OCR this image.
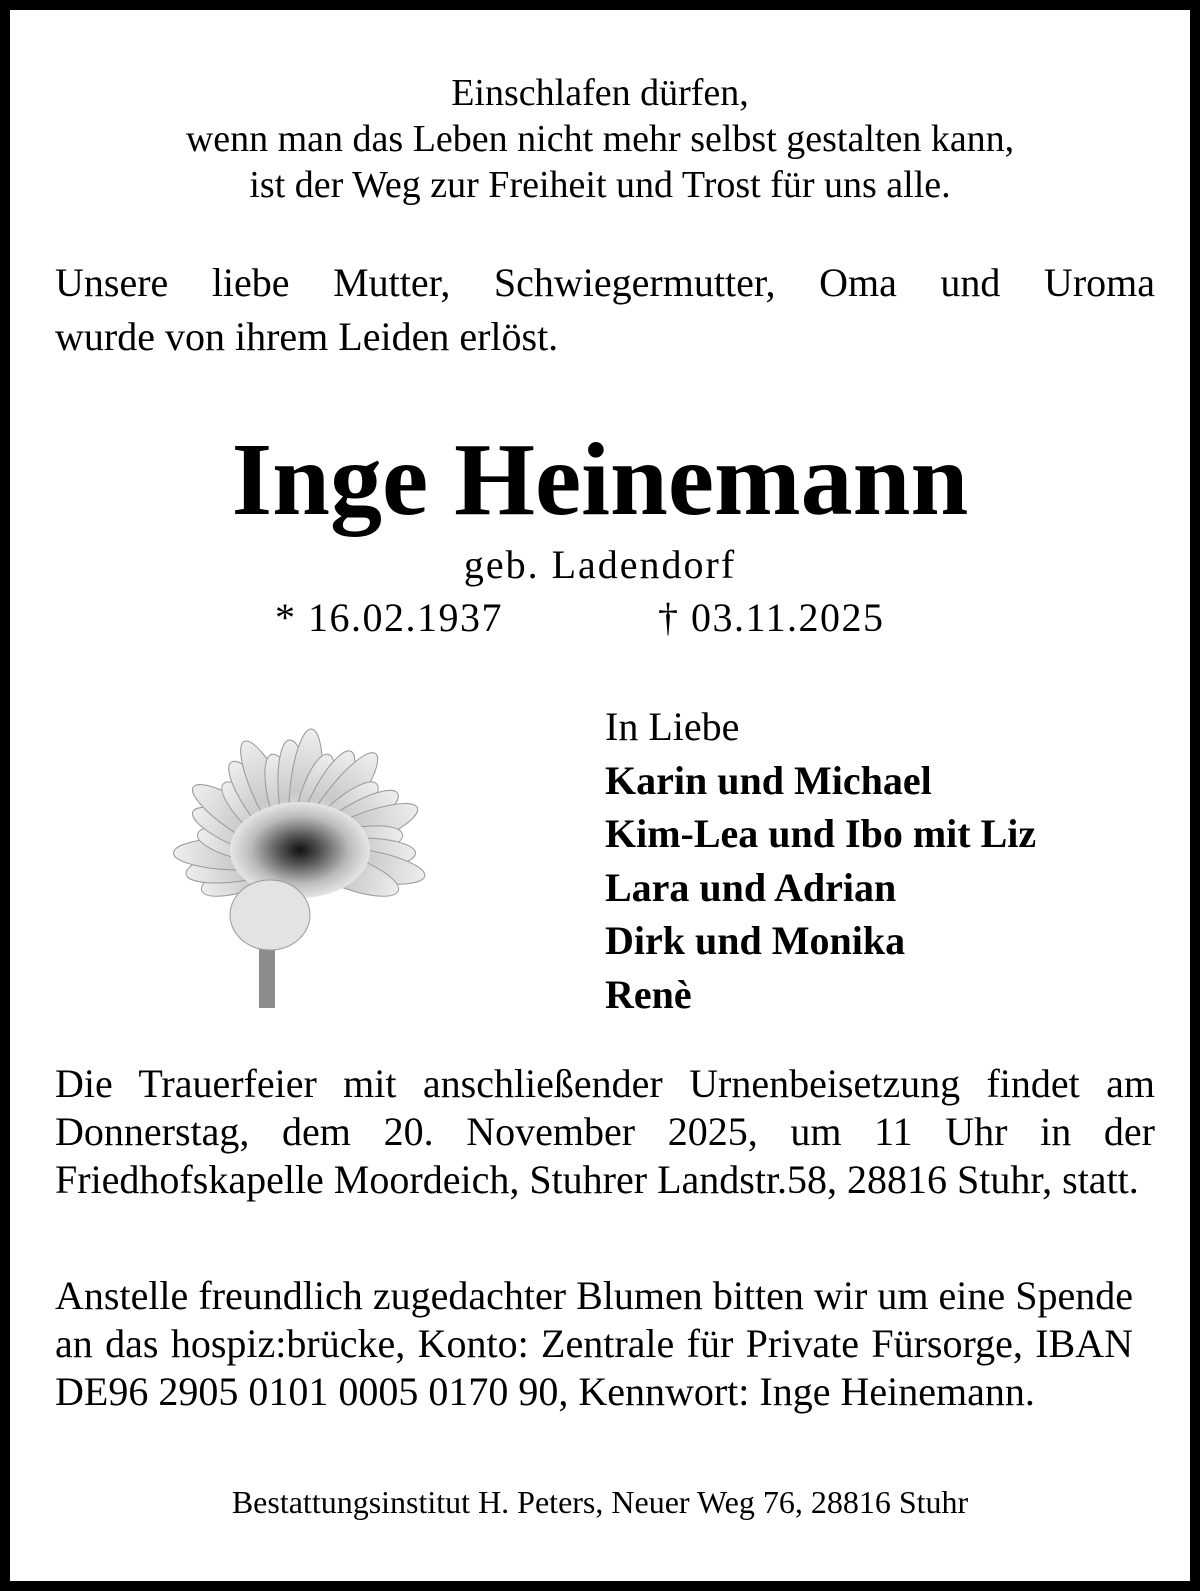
Einschlafen dürfen,
wenn man das Leben nicht mehr selbst gestalten kann,
ist der Weg zur Freiheit und Trost für uns alle.
Unsere liebe Mutter, Schwiegermutter, Oma und Uroma
wurde von ihrem Leiden erlöst.
Inge Heinemann
geb. Ladendorf
* 16.02.1937	† 03.11.2025
In Liebe
Karin und Michael
Kim-Lea und Ibo mit Liz
Lara und Adrian
Dirk und Monika
Renè
Die Trauerfeier mit anschließender Urnenbeisetzung findet am Donnerstag, dem 20. November 2025, um 11 Uhr in der Friedhofskapelle Moordeich, Stuhrer Landstr.58, 28816 Stuhr, statt.
Anstelle freundlich zugedachter Blumen bitten wir um eine Spende an das hospiz:brücke, Konto: Zentrale für Private Fürsorge, IBAN DE96 2905 0101 0005 0170 90, Kennwort: Inge Heinemann.
Bestattungsinstitut H. Peters, Neuer Weg 76, 28816 Stuhr
